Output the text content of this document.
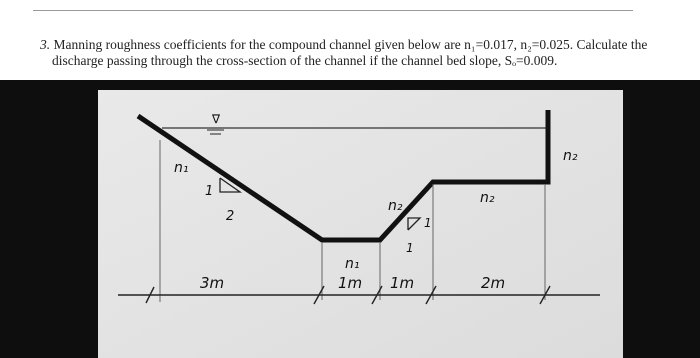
3. Manning roughness coefficients for the compound channel given below are n₁=0.017, n₂=0.025. Calculate the
discharge passing through the cross-section of the channel if the channel bed slope, Sₒ=0.009.
∇
1
2	1
1
n₁
n₁
n₂	n₂
n₂
3m	1m 1m	2m
